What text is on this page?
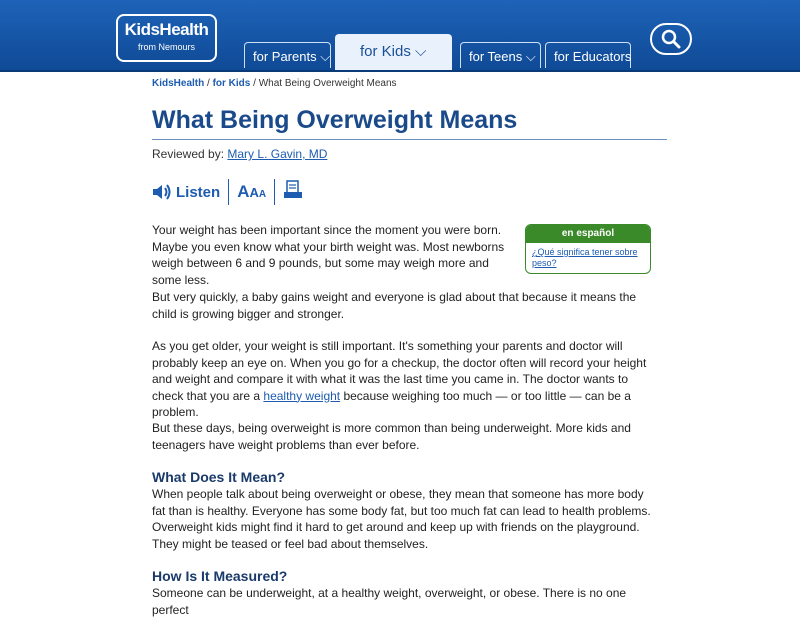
KidsHealth
from Nemours
for Parents ⌵	for Kids ⌵	for Teens ⌵	for Educators
KidsHealth / for Kids / What Being Overweight Means
What Being Overweight Means
Reviewed by: Mary L. Gavin, MD
Listen AAA
en español
¿Qué significa tener sobre peso?

Your weight has been important since the moment you were born. Maybe you even know what your birth weight was. Most newborns weigh between 6 and 9 pounds, but some may weigh more and some less.

But very quickly, a baby gains weight and everyone is glad about that because it means the child is growing bigger and stronger.

As you get older, your weight is still important. It's something your parents and doctor will probably keep an eye on. When you go for a checkup, the doctor often will record your height and weight and compare it with what it was the last time you came in. The doctor wants to check that you are a healthy weight because weighing too much — or too little — can be a problem.

But these days, being overweight is more common than being underweight. More kids and teenagers have weight problems than ever before.

What Does It Mean?

When people talk about being overweight or obese, they mean that someone has more body fat than is healthy. Everyone has some body fat, but too much fat can lead to health problems. Overweight kids might find it hard to get around and keep up with friends on the playground. They might be teased or feel bad about themselves.

How Is It Measured?

Someone can be underweight, at a healthy weight, overweight, or obese. There is no one perfect
